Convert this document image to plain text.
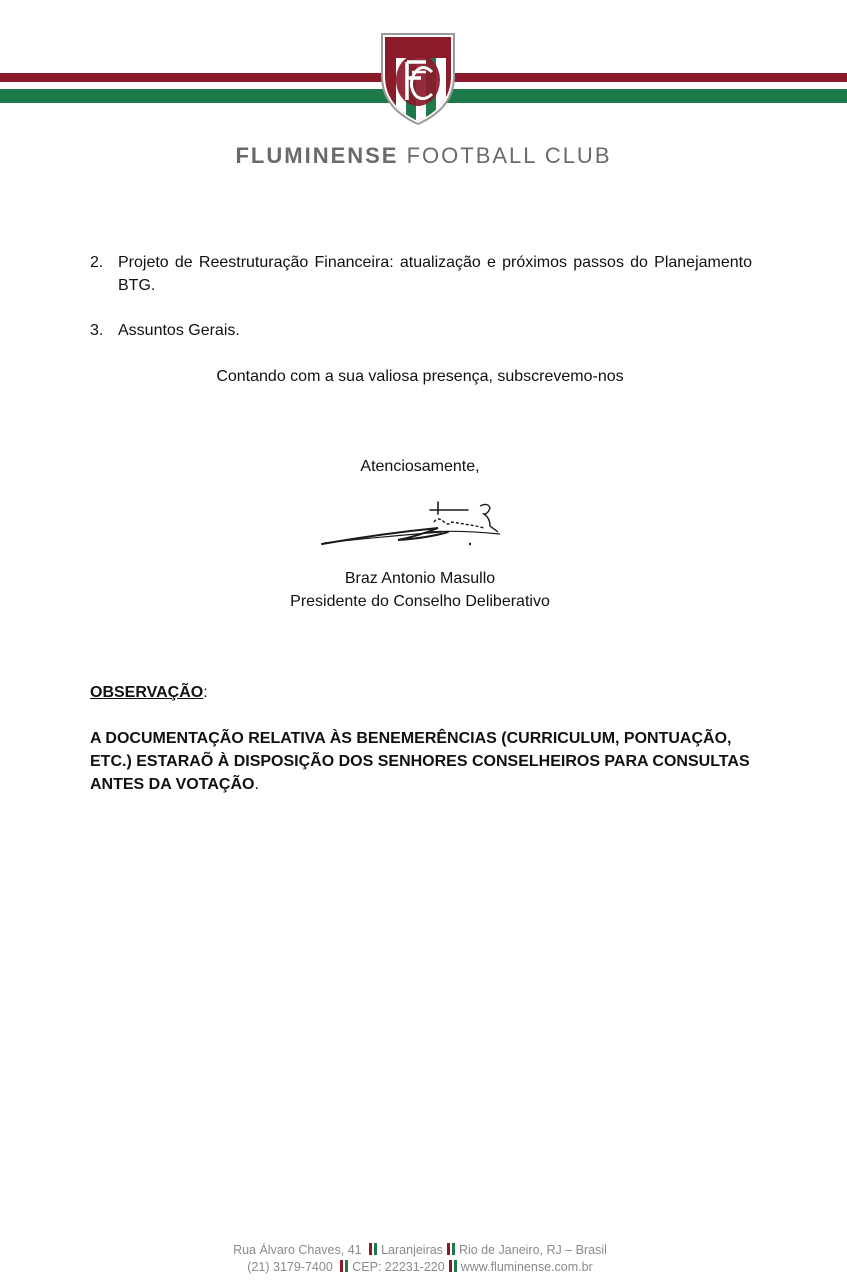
FLUMINENSE FOOTBALL CLUB

2. Projeto de Reestruturação Financeira: atualização e próximos passos do Planejamento BTG.

3. Assuntos Gerais.

Contando com a sua valiosa presença, subscrevemo-nos
Atenciosamente,
Braz Antonio Masullo
Presidente do Conselho Deliberativo
OBSERVAÇÃO:
A DOCUMENTAÇÃO RELATIVA ÀS BENEMERÊNCIAS (CURRICULUM, PONTUAÇÃO, ETC.) ESTARAÕ À DISPOSIÇÃO DOS SENHORES CONSELHEIROS PARA CONSULTAS ANTES DA VOTAÇÃO.
Rua Álvaro Chaves, 41 Laranjeiras Rio de Janeiro, RJ – Brasil
(21) 3179-7400 CEP: 22231-220 www.fluminense.com.br
